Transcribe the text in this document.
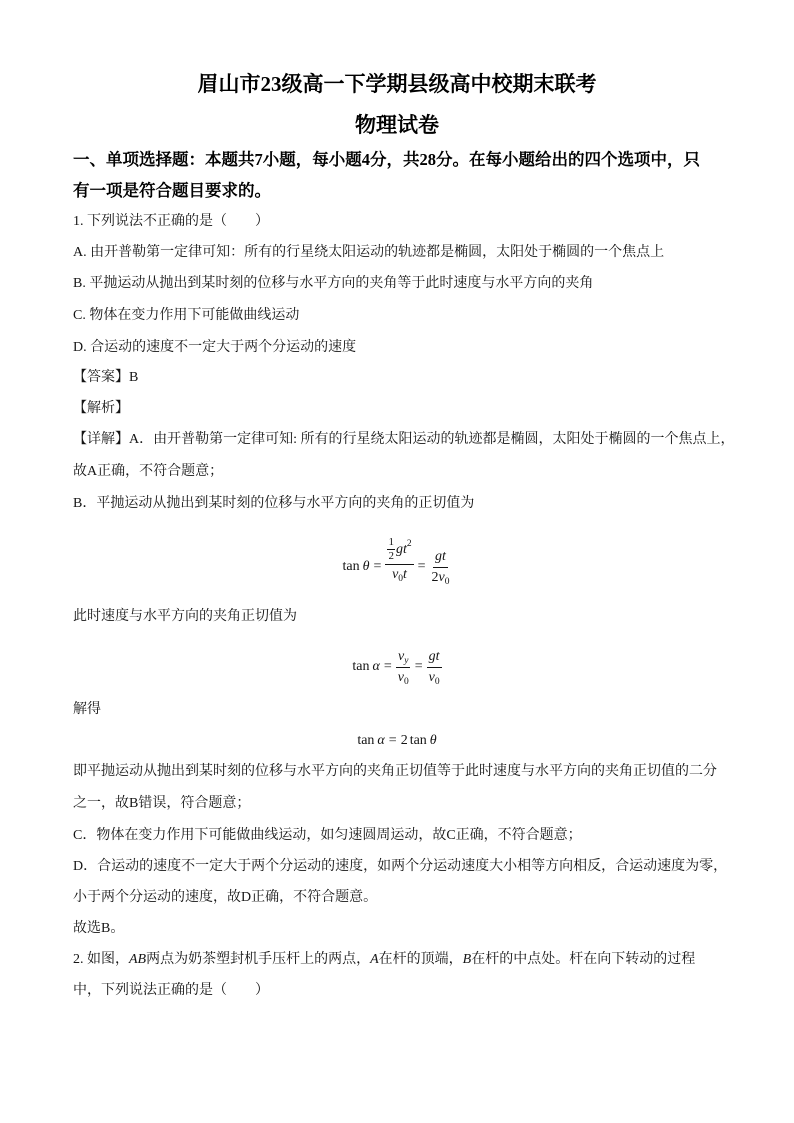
眉山市23级高一下学期县级高中校期末联考
物理试卷
一、单项选择题：本题共7小题，每小题4分，共28分。在每小题给出的四个选项中，只
有一项是符合题目要求的。
1. 下列说法不正确的是（　　）
A. 由开普勒第一定律可知：所有的行星绕太阳运动的轨迹都是椭圆，太阳处于椭圆的一个焦点上
B. 平抛运动从抛出到某时刻的位移与水平方向的夹角等于此时速度与水平方向的夹角
C. 物体在变力作用下可能做曲线运动
D. 合运动的速度不一定大于两个分运动的速度
【答案】B
【解析】
【详解】A．由开普勒第一定律可知: 所有的行星绕太阳运动的轨迹都是椭圆，太阳处于椭圆的一个焦点上，
故A正确，不符合题意；
B．平抛运动从抛出到某时刻的位移与水平方向的夹角的正切值为
$\tan \theta = \frac{\frac{1}{2} gt 2}{v 0 t} = \frac{gt}{2 v 0}$
此时速度与水平方向的夹角正切值为
$\tan \alpha = \frac{\text{v y}}{v 0} = \frac{gt}{v 0}$
解得
tan α = 2 tan θ
即平抛运动从抛出到某时刻的位移与水平方向的夹角正切值等于此时速度与水平方向的夹角正切值的二分
之一，故B错误，符合题意；
C．物体在变力作用下可能做曲线运动，如匀速圆周运动，故C正确，不符合题意；
D．合运动的速度不一定大于两个分运动的速度，如两个分运动速度大小相等方向相反，合运动速度为零，
小于两个分运动的速度，故D正确，不符合题意。
故选B。
2. 如图，AB两点为奶茶塑封机手压杆上的两点，A在杆的顶端，B在杆的中点处。杆在向下转动的过程
中，下列说法正确的是（　　）
